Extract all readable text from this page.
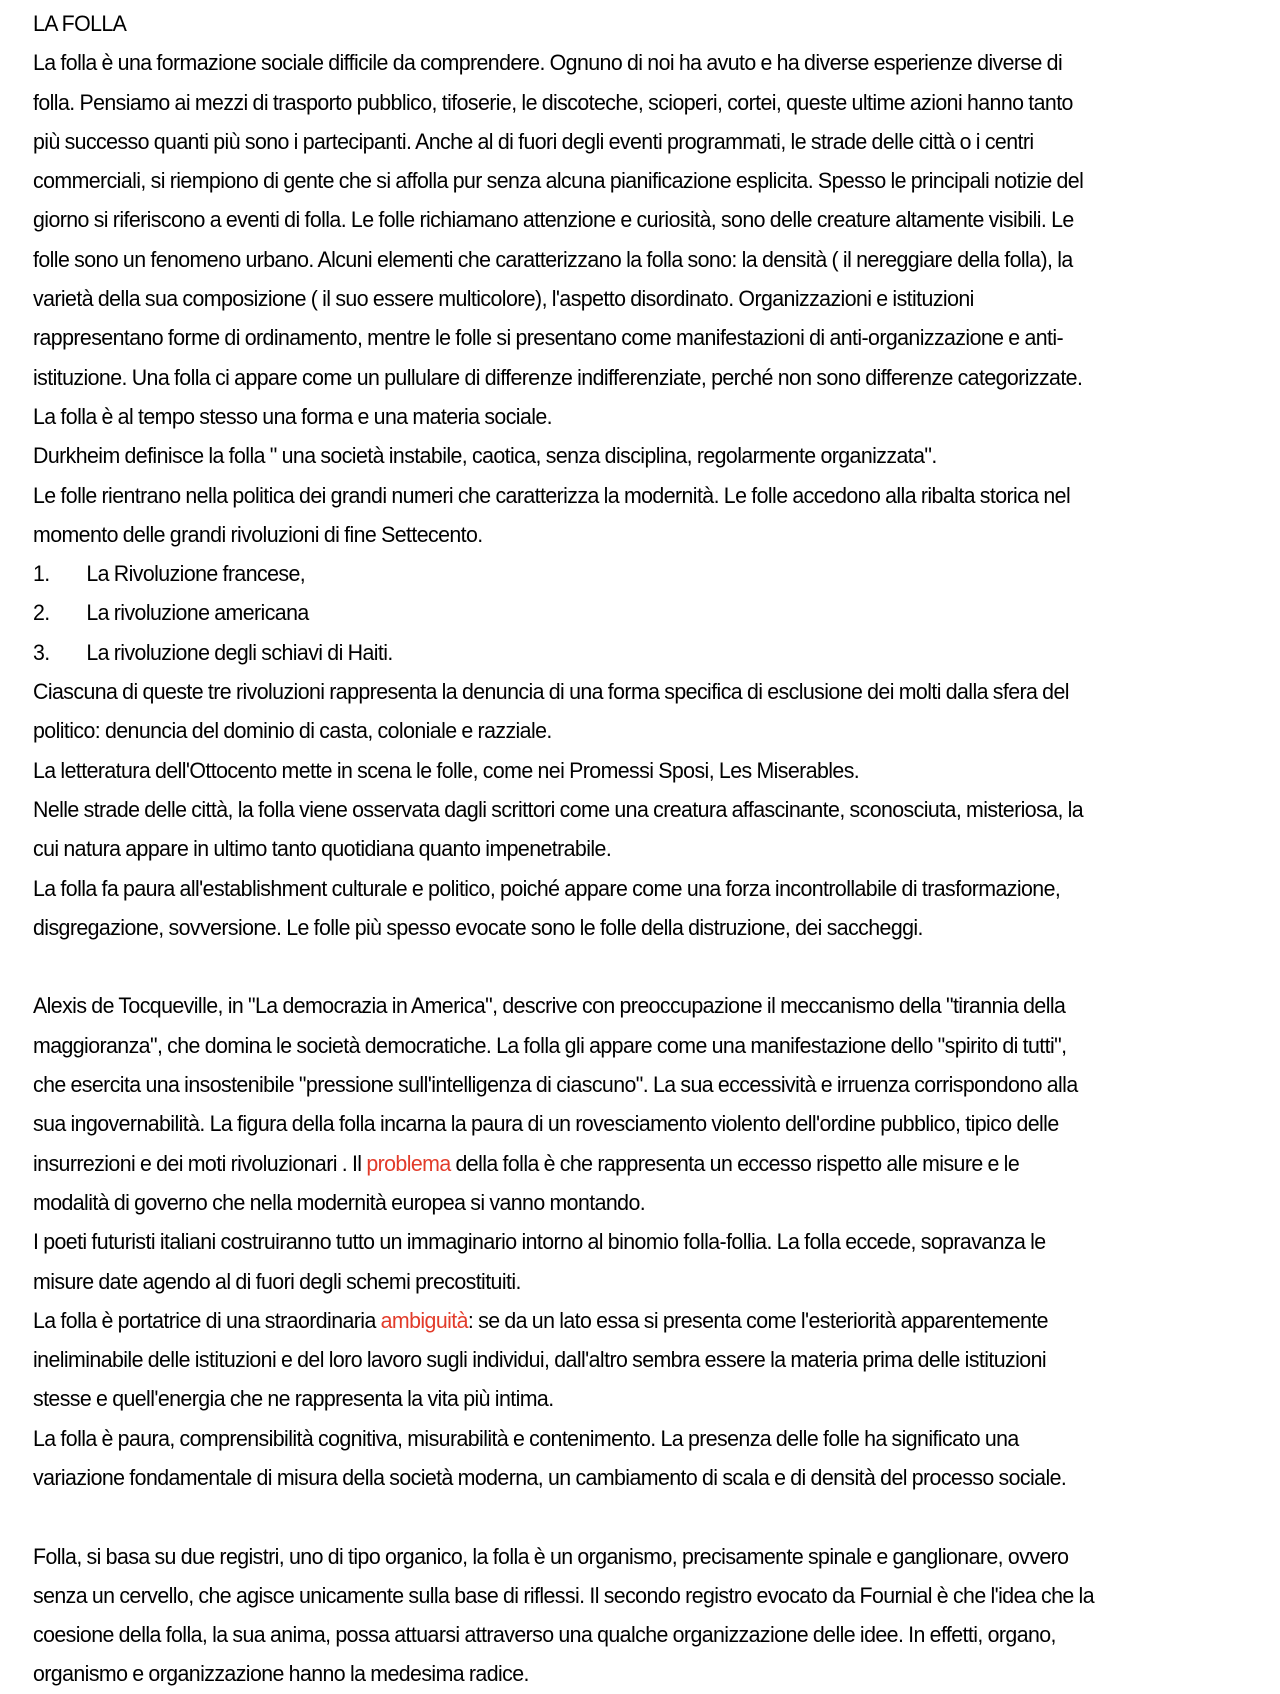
LA FOLLA
La folla è una formazione sociale difficile da comprendere. Ognuno di noi ha avuto e ha diverse esperienze diverse di
folla. Pensiamo ai mezzi di trasporto pubblico, tifoserie, le discoteche, scioperi, cortei, queste ultime azioni hanno tanto
più successo quanti più sono i partecipanti. Anche al di fuori degli eventi programmati, le strade delle città o i centri
commerciali, si riempiono di gente che si affolla pur senza alcuna pianificazione esplicita. Spesso le principali notizie del
giorno si riferiscono a eventi di folla. Le folle richiamano attenzione e curiosità, sono delle creature altamente visibili. Le
folle sono un fenomeno urbano. Alcuni elementi che caratterizzano la folla sono: la densità ( il nereggiare della folla), la
varietà della sua composizione ( il suo essere multicolore), l'aspetto disordinato. Organizzazioni e istituzioni
rappresentano forme di ordinamento, mentre le folle si presentano come manifestazioni di anti-organizzazione e anti-
istituzione. Una folla ci appare come un pullulare di differenze indifferenziate, perché non sono differenze categorizzate.
La folla è al tempo stesso una forma e una materia sociale.
Durkheim definisce la folla " una società instabile, caotica, senza disciplina, regolarmente organizzata".
Le folle rientrano nella politica dei grandi numeri che caratterizza la modernità. Le folle accedono alla ribalta storica nel
momento delle grandi rivoluzioni di fine Settecento.
1.	La Rivoluzione francese,
2.	La rivoluzione americana
3.	La rivoluzione degli schiavi di Haiti.
Ciascuna di queste tre rivoluzioni rappresenta la denuncia di una forma specifica di esclusione dei molti dalla sfera del
politico: denuncia del dominio di casta, coloniale e razziale.
La letteratura dell'Ottocento mette in scena le folle, come nei Promessi Sposi, Les Miserables.
Nelle strade delle città, la folla viene osservata dagli scrittori come una creatura affascinante, sconosciuta, misteriosa, la
cui natura appare in ultimo tanto quotidiana quanto impenetrabile.
La folla fa paura all'establishment culturale e politico, poiché appare come una forza incontrollabile di trasformazione,
disgregazione, sovversione. Le folle più spesso evocate sono le folle della distruzione, dei saccheggi.
Alexis de Tocqueville, in "La democrazia in America", descrive con preoccupazione il meccanismo della "tirannia della
maggioranza", che domina le società democratiche. La folla gli appare come una manifestazione dello "spirito di tutti",
che esercita una insostenibile "pressione sull'intelligenza di ciascuno". La sua eccessività e irruenza corrispondono alla
sua ingovernabilità. La figura della folla incarna la paura di un rovesciamento violento dell'ordine pubblico, tipico delle
insurrezioni e dei moti rivoluzionari . Il problema della folla è che rappresenta un eccesso rispetto alle misure e le
modalità di governo che nella modernità europea si vanno montando.
I poeti futuristi italiani costruiranno tutto un immaginario intorno al binomio folla-follia. La folla eccede, sopravanza le
misure date agendo al di fuori degli schemi precostituiti.
La folla è portatrice di una straordinaria ambiguità: se da un lato essa si presenta come l'esteriorità apparentemente
ineliminabile delle istituzioni e del loro lavoro sugli individui, dall'altro sembra essere la materia prima delle istituzioni
stesse e quell'energia che ne rappresenta la vita più intima.
La folla è paura, comprensibilità cognitiva, misurabilità e contenimento. La presenza delle folle ha significato una
variazione fondamentale di misura della società moderna, un cambiamento di scala e di densità del processo sociale.
Folla, si basa su due registri, uno di tipo organico, la folla è un organismo, precisamente spinale e ganglionare, ovvero
senza un cervello, che agisce unicamente sulla base di riflessi. Il secondo registro evocato da Fournial è che l'idea che la
coesione della folla, la sua anima, possa attuarsi attraverso una qualche organizzazione delle idee. In effetti, organo,
organismo e organizzazione hanno la medesima radice.
